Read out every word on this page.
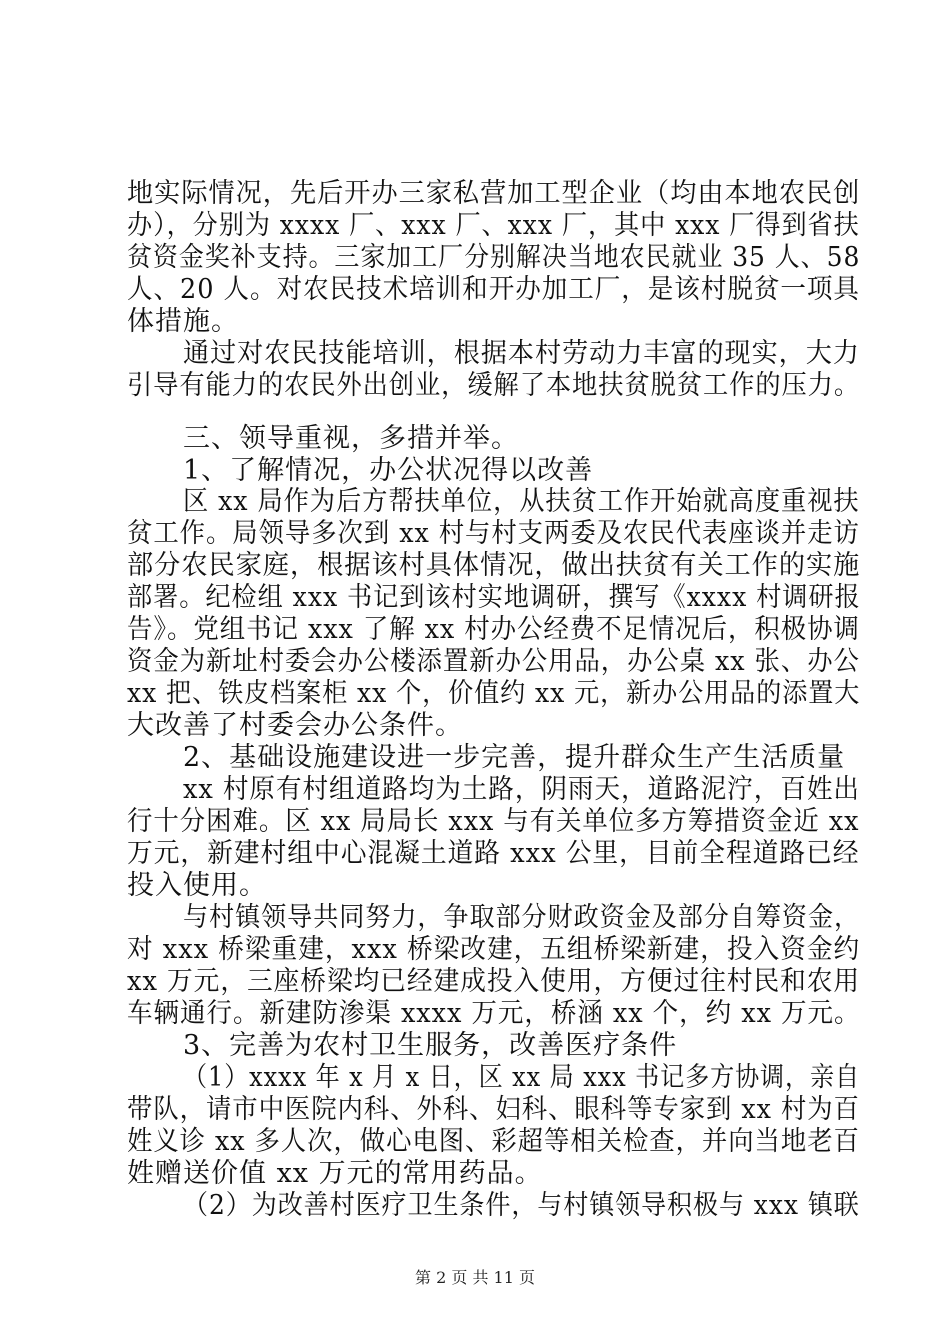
地实际情况，先后开办三家私营加工型企业（均由本地农民创
办），分别为 xxxx 厂、xxx 厂、xxx 厂，其中 xxx 厂得到省扶
贫资金奖补支持。三家加工厂分别解决当地农民就业 35 人、58
人、20 人。对农民技术培训和开办加工厂，是该村脱贫一项具
体措施。
通过对农民技能培训，根据本村劳动力丰富的现实，大力
引导有能力的农民外出创业，缓解了本地扶贫脱贫工作的压力。
三、领导重视，多措并举。
1、了解情况，办公状况得以改善
区 xx 局作为后方帮扶单位，从扶贫工作开始就高度重视扶
贫工作。局领导多次到 xx 村与村支两委及农民代表座谈并走访
部分农民家庭，根据该村具体情况，做出扶贫有关工作的实施
部署。纪检组 xxx 书记到该村实地调研，撰写《xxxx 村调研报
告》。党组书记 xxx 了解 xx 村办公经费不足情况后，积极协调
资金为新址村委会办公楼添置新办公用品，办公桌 xx 张、办公
xx 把、铁皮档案柜 xx 个，价值约 xx 元，新办公用品的添置大
大改善了村委会办公条件。
2、基础设施建设进一步完善，提升群众生产生活质量
xx 村原有村组道路均为土路，阴雨天，道路泥泞，百姓出
行十分困难。区 xx 局局长 xxx 与有关单位多方筹措资金近 xx
万元，新建村组中心混凝土道路 xxx 公里，目前全程道路已经
投入使用。
与村镇领导共同努力，争取部分财政资金及部分自筹资金，
对 xxx 桥梁重建，xxx 桥梁改建，五组桥梁新建，投入资金约
xx 万元，三座桥梁均已经建成投入使用，方便过往村民和农用
车辆通行。新建防渗渠 xxxx 万元，桥涵 xx 个，约 xx 万元。
3、完善为农村卫生服务，改善医疗条件
（1）xxxx 年 x 月 x 日，区 xx 局 xxx 书记多方协调，亲自
带队，请市中医院内科、外科、妇科、眼科等专家到 xx 村为百
姓义诊 xx 多人次，做心电图、彩超等相关检查，并向当地老百
姓赠送价值 xx 万元的常用药品。
（2）为改善村医疗卫生条件，与村镇领导积极与 xxx 镇联
第 2 页 共 11 页
